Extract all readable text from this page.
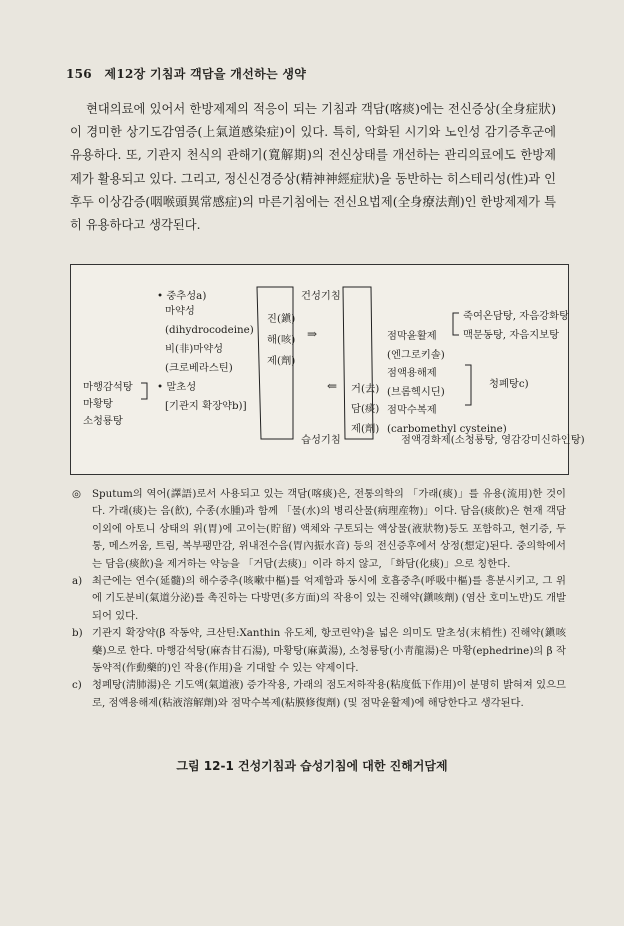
156 제12장 기침과 객담을 개선하는 생약

현대의료에 있어서 한방제제의 적응이 되는 기침과 객담(喀痰)에는 전신증상(全身症狀)이 경미한 상기도감염증(上氣道感染症)이 있다. 특히, 악화된 시기와 노인성 감기증후군에 유용하다. 또, 기관지 천식의 관해기(寬解期)의 전신상태를 개선하는 관리의료에도 한방제제가 활용되고 있다. 그리고, 정신신경증상(精神神經症狀)을 동반하는 히스테리성(性)과 인후두 이상감증(咽喉頭異常感症)의 마른기침에는 전신요법제(全身療法劑)인 한방제제가 특히 유용하다고 생각된다.

• 중추성a)
마약성
(dihydrocodeine)
비(非)마약성
(크로베라스틴)
• 말초성
[기관지 확장약b)]
마행감석탕
마황탕
소청룡탕
진(鎭)
해(咳)
제(劑)
건성기침
⇒
⇐
습성기침
거(去)
담(痰)
제(劑)
점막윤활제
(엔그로키솔)
점액용해제
(브롬헥시딘)
점막수복제
(carbomethyl cysteine)
죽여온담탕, 자음강화탕
맥문동탕, 자음지보탕
청폐탕c)
점액경화제(소청룡탕, 영감강미신하인탕)
◎	Sputum의 역어(譯語)로서 사용되고 있는 객담(喀痰)은, 전통의학의 「가래(痰)」를 유용(流用)한 것이다. 가래(痰)는 음(飮), 수종(水腫)과 함께 「물(水)의 병리산물(病理産物)」이다. 담음(痰飮)은 현재 객담 이외에 아토니 상태의 위(胃)에 고이는(貯留) 액체와 구토되는 액상물(液狀物)등도 포함하고, 현기증, 두통, 메스꺼움, 트림, 복부팽만감, 위내전수음(胃內振水音) 등의 전신증후에서 상정(想定)된다. 중의학에서는 담음(痰飮)을 제거하는 약능을 「거담(去痰)」이라 하지 않고, 「화담(化痰)」으로 칭한다.
a) 최근에는 연수(延髓)의 해수중추(咳嗽中樞)를 억제함과 동시에 호흡중추(呼吸中樞)를 흥분시키고, 그 위에 기도분비(氣道分泌)를 촉진하는 다방면(多方面)의 작용이 있는 진해약(鎭咳劑) (염산 호미노반)도 개발되어 있다.
b) 기관지 확장약(β 작동약, 크산틴:Xanthin 유도체, 항코린약)을 넓은 의미도 말초성(末梢性) 진해약(鎭咳藥)으로 한다. 마행감석탕(麻杏甘石湯), 마황탕(麻黃湯), 소청룡탕(小靑龍湯)은 마황(ephedrine)의 β 작동약적(作動藥的)인 작용(作用)을 기대할 수 있는 약제이다.
c) 청폐탕(淸肺湯)은 기도액(氣道液) 증가작용, 가래의 점도저하작용(粘度低下作用)이 분명히 밝혀져 있으므로, 점액용해제(粘液溶解劑)와 점막수복제(粘膜修復劑) (및 점막윤활제)에 해당한다고 생각된다.
그림 12-1 건성기침과 습성기침에 대한 진해거담제
